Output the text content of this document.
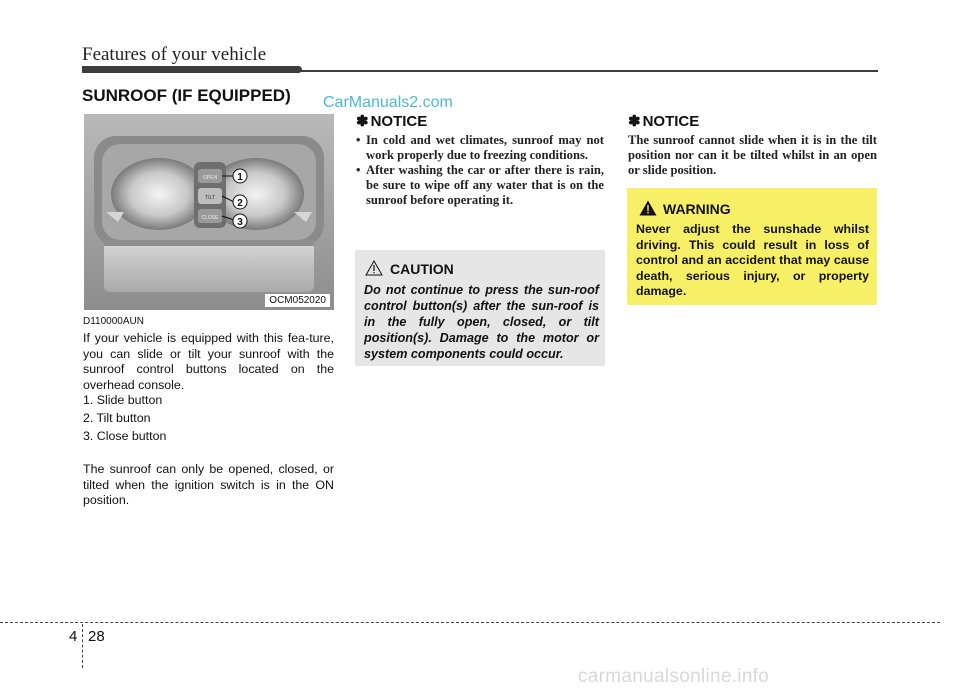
Features of your vehicle
SUNROOF (IF EQUIPPED) CarManuals2.com
OPEN
TILT
CLOSE
1
2
3
OCM052020
D110000AUN
If your vehicle is equipped with this fea-ture, you can slide or tilt your sunroof with the sunroof control buttons located on the overhead console.
1. Slide button
2. Tilt button
3. Close button
The sunroof can only be opened, closed, or tilted when the ignition switch is in the ON position.
✽ NOTICE
• In cold and wet climates, sunroof may not work properly due to freezing conditions.
• After washing the car or after there is rain, be sure to wipe off any water that is on the sunroof before operating it.
CAUTION
Do not continue to press the sun-roof control button(s) after the sun-roof is in the fully open, closed, or tilt position(s). Damage to the motor or system components could occur.
✽ NOTICE
The sunroof cannot slide when it is in the tilt position nor can it be tilted whilst in an open or slide position.
WARNING
Never adjust the sunshade whilst driving. This could result in loss of control and an accident that may cause death, serious injury, or property damage.
4 28
carmanualsonline.info
